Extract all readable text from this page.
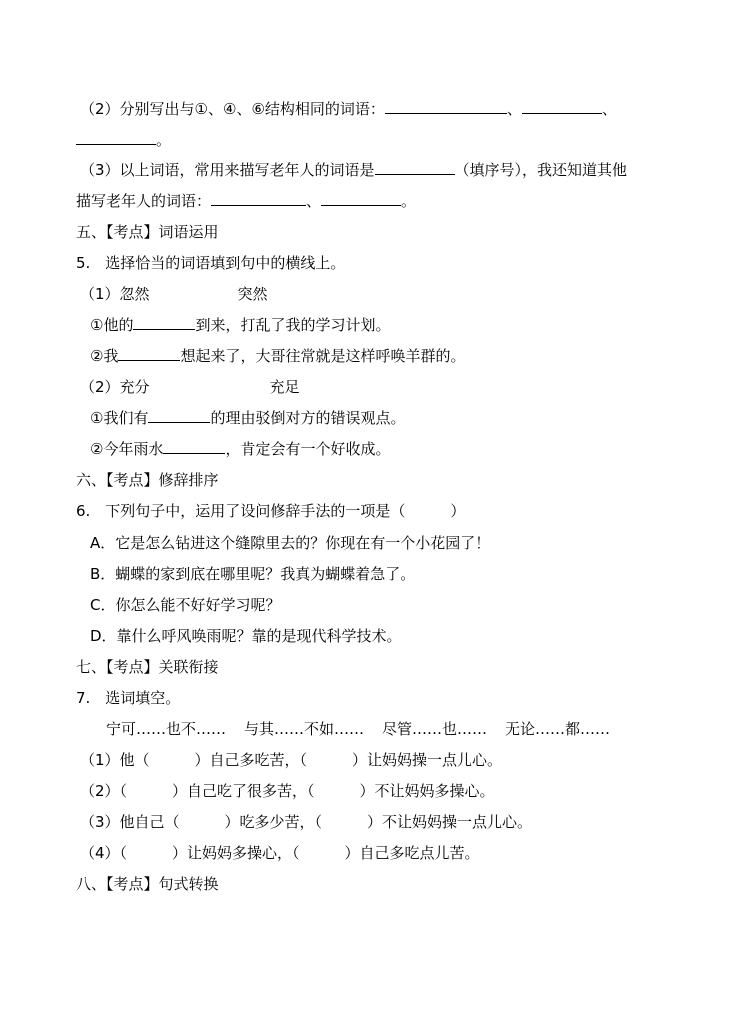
（2）分别写出与①、④、⑥结构相同的词语：	、	、
。
（3）以上词语，常用来描写老年人的词语是	（填序号），我还知道其他
描写老年人的词语：	、	。
五、【考点】词语运用
5.　选择恰当的词语填到句中的横线上。
（1）忽然	突然
①他的	到来，打乱了我的学习计划。
②我	想起来了，大哥往常就是这样呼唤羊群的。
（2）充分	充足
①我们有	的理由驳倒对方的错误观点。
②今年雨水	，肯定会有一个好收成。
六、【考点】修辞排序
6.　下列句子中，运用了设问修辞手法的一项是（　　　）
A．它是怎么钻进这个缝隙里去的？你现在有一个小花园了！
B．蝴蝶的家到底在哪里呢？我真为蝴蝶着急了。
C．你怎么能不好好学习呢？
D．靠什么呼风唤雨呢？靠的是现代科学技术。
七、【考点】关联衔接
7.　选词填空。
宁可……也不…… 与其……不如…… 尽管……也…… 无论……都……
（1）他（　　　）自己多吃苦，（　　　）让妈妈操一点儿心。
（2）（　　　）自己吃了很多苦，（　　　）不让妈妈多操心。
（3）他自己（　　　）吃多少苦，（　　　）不让妈妈操一点儿心。
（4）（　　　）让妈妈多操心，（　　　）自己多吃点儿苦。
八、【考点】句式转换
